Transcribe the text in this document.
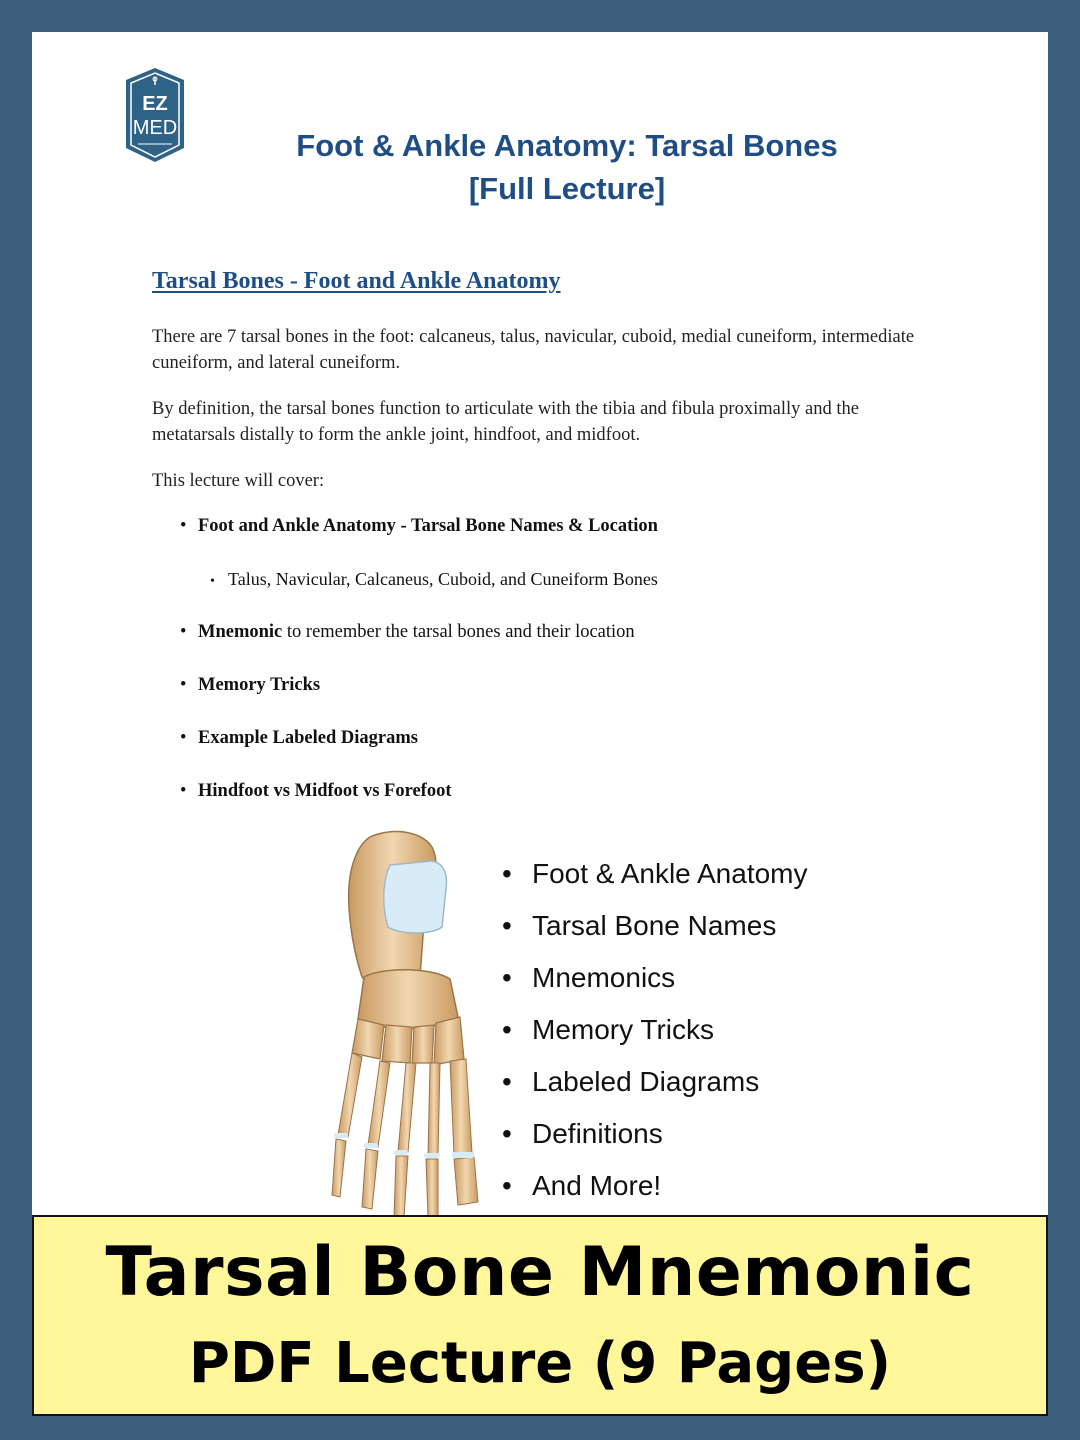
EZ
MED	Foot & Ankle Anatomy: Tarsal Bones
[Full Lecture]
Tarsal Bones - Foot and Ankle Anatomy

There are 7 tarsal bones in the foot: calcaneus, talus, navicular, cuboid, medial cuneiform, intermediate cuneiform, and lateral cuneiform.

By definition, the tarsal bones function to articulate with the tibia and fibula proximally and the metatarsals distally to form the ankle joint, hindfoot, and midfoot.

This lecture will cover:

• Foot and Ankle Anatomy - Tarsal Bone Names & Location
• Talus, Navicular, Calcaneus, Cuboid, and Cuneiform Bones
• Mnemonic to remember the tarsal bones and their location
• Memory Tricks
• Example Labeled Diagrams
• Hindfoot vs Midfoot vs Forefoot
• Foot & Ankle Anatomy
• Tarsal Bone Names
• Mnemonics
• Memory Tricks
• Labeled Diagrams
• Definitions
• And More!
Tarsal Bone Mnemonic
PDF Lecture (9 Pages)
